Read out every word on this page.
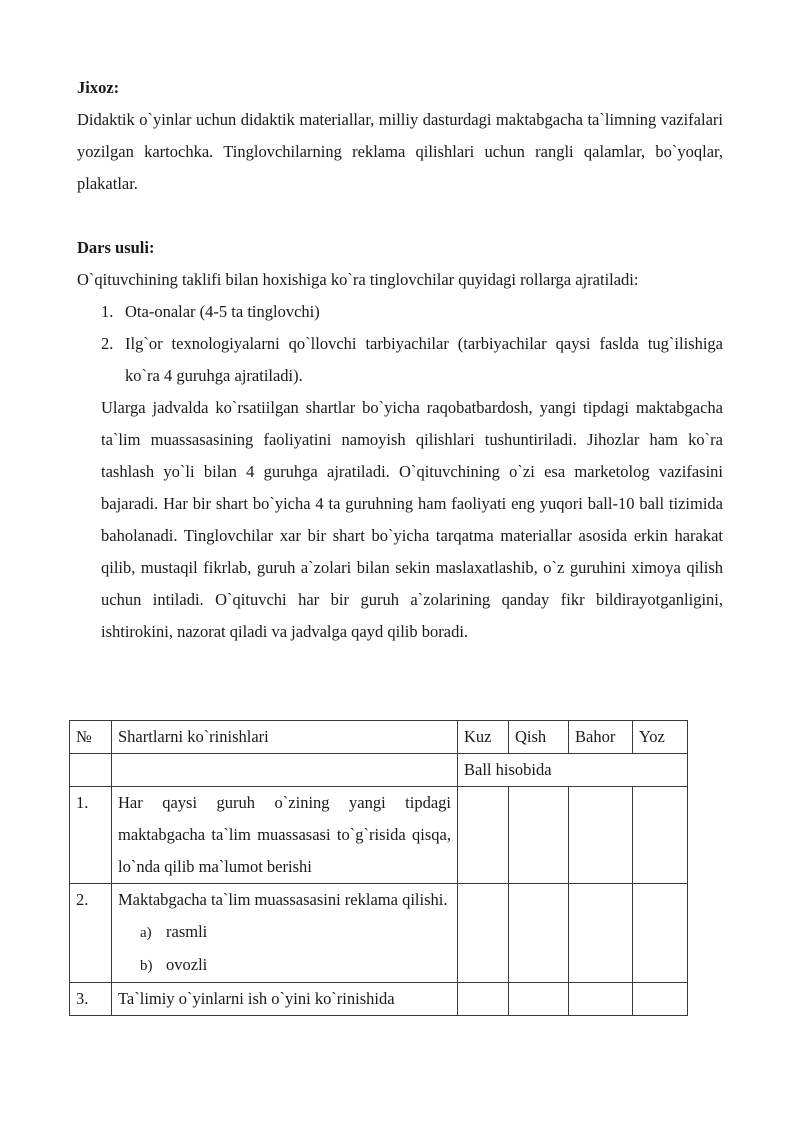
Jixoz:

Didaktik o`yinlar uchun didaktik materiallar, milliy dasturdagi maktabgacha ta`limning vazifalari yozilgan kartochka. Tinglovchilarning reklama qilishlari uchun rangli qalamlar, bo`yoqlar, plakatlar.

Dars usuli:

O`qituvchining taklifi bilan hoxishiga ko`ra tinglovchilar quyidagi rollarga ajratiladi:

1. Ota-onalar (4-5 ta tinglovchi)
2. Ilg`or texnologiyalarni qo`llovchi tarbiyachilar (tarbiyachilar qaysi faslda tug`ilishiga ko`ra 4 guruhga ajratiladi).

Ularga jadvalda ko`rsatiilgan shartlar bo`yicha raqobatbardosh, yangi tipdagi maktabgacha ta`lim muassasasining faoliyatini namoyish qilishlari tushuntiriladi. Jihozlar ham ko`ra tashlash yo`li bilan 4 guruhga ajratiladi. O`qituvchining o`zi esa marketolog vazifasini bajaradi. Har bir shart bo`yicha 4 ta guruhning ham faoliyati eng yuqori ball-10 ball tizimida baholanadi. Tinglovchilar xar bir shart bo`yicha tarqatma materiallar asosida erkin harakat qilib, mustaqil fikrlab, guruh a`zolari bilan sekin maslaxatlashib, o`z guruhini ximoya qilish uchun intiladi. O`qituvchi har bir guruh a`zolarining qanday fikr bildirayotganligini, ishtirokini, nazorat qiladi va jadvalga qayd qilib boradi.

№	Shartlarni ko`rinishlari	Kuz	Qish	Bahor	Yoz
		Ball hisobida			
1.	Har qaysi guruh o`zining yangi tipdagi maktabgacha ta`lim muassasasi to`g`risida qisqa, lo`nda qilib ma`lumot berishi				
2.	Maktabgacha ta`lim muassasasini reklama qilishi.
a) rasmli
b) ovozli				

3.	Ta`limiy o`yinlarni ish o`yini ko`rinishida				
